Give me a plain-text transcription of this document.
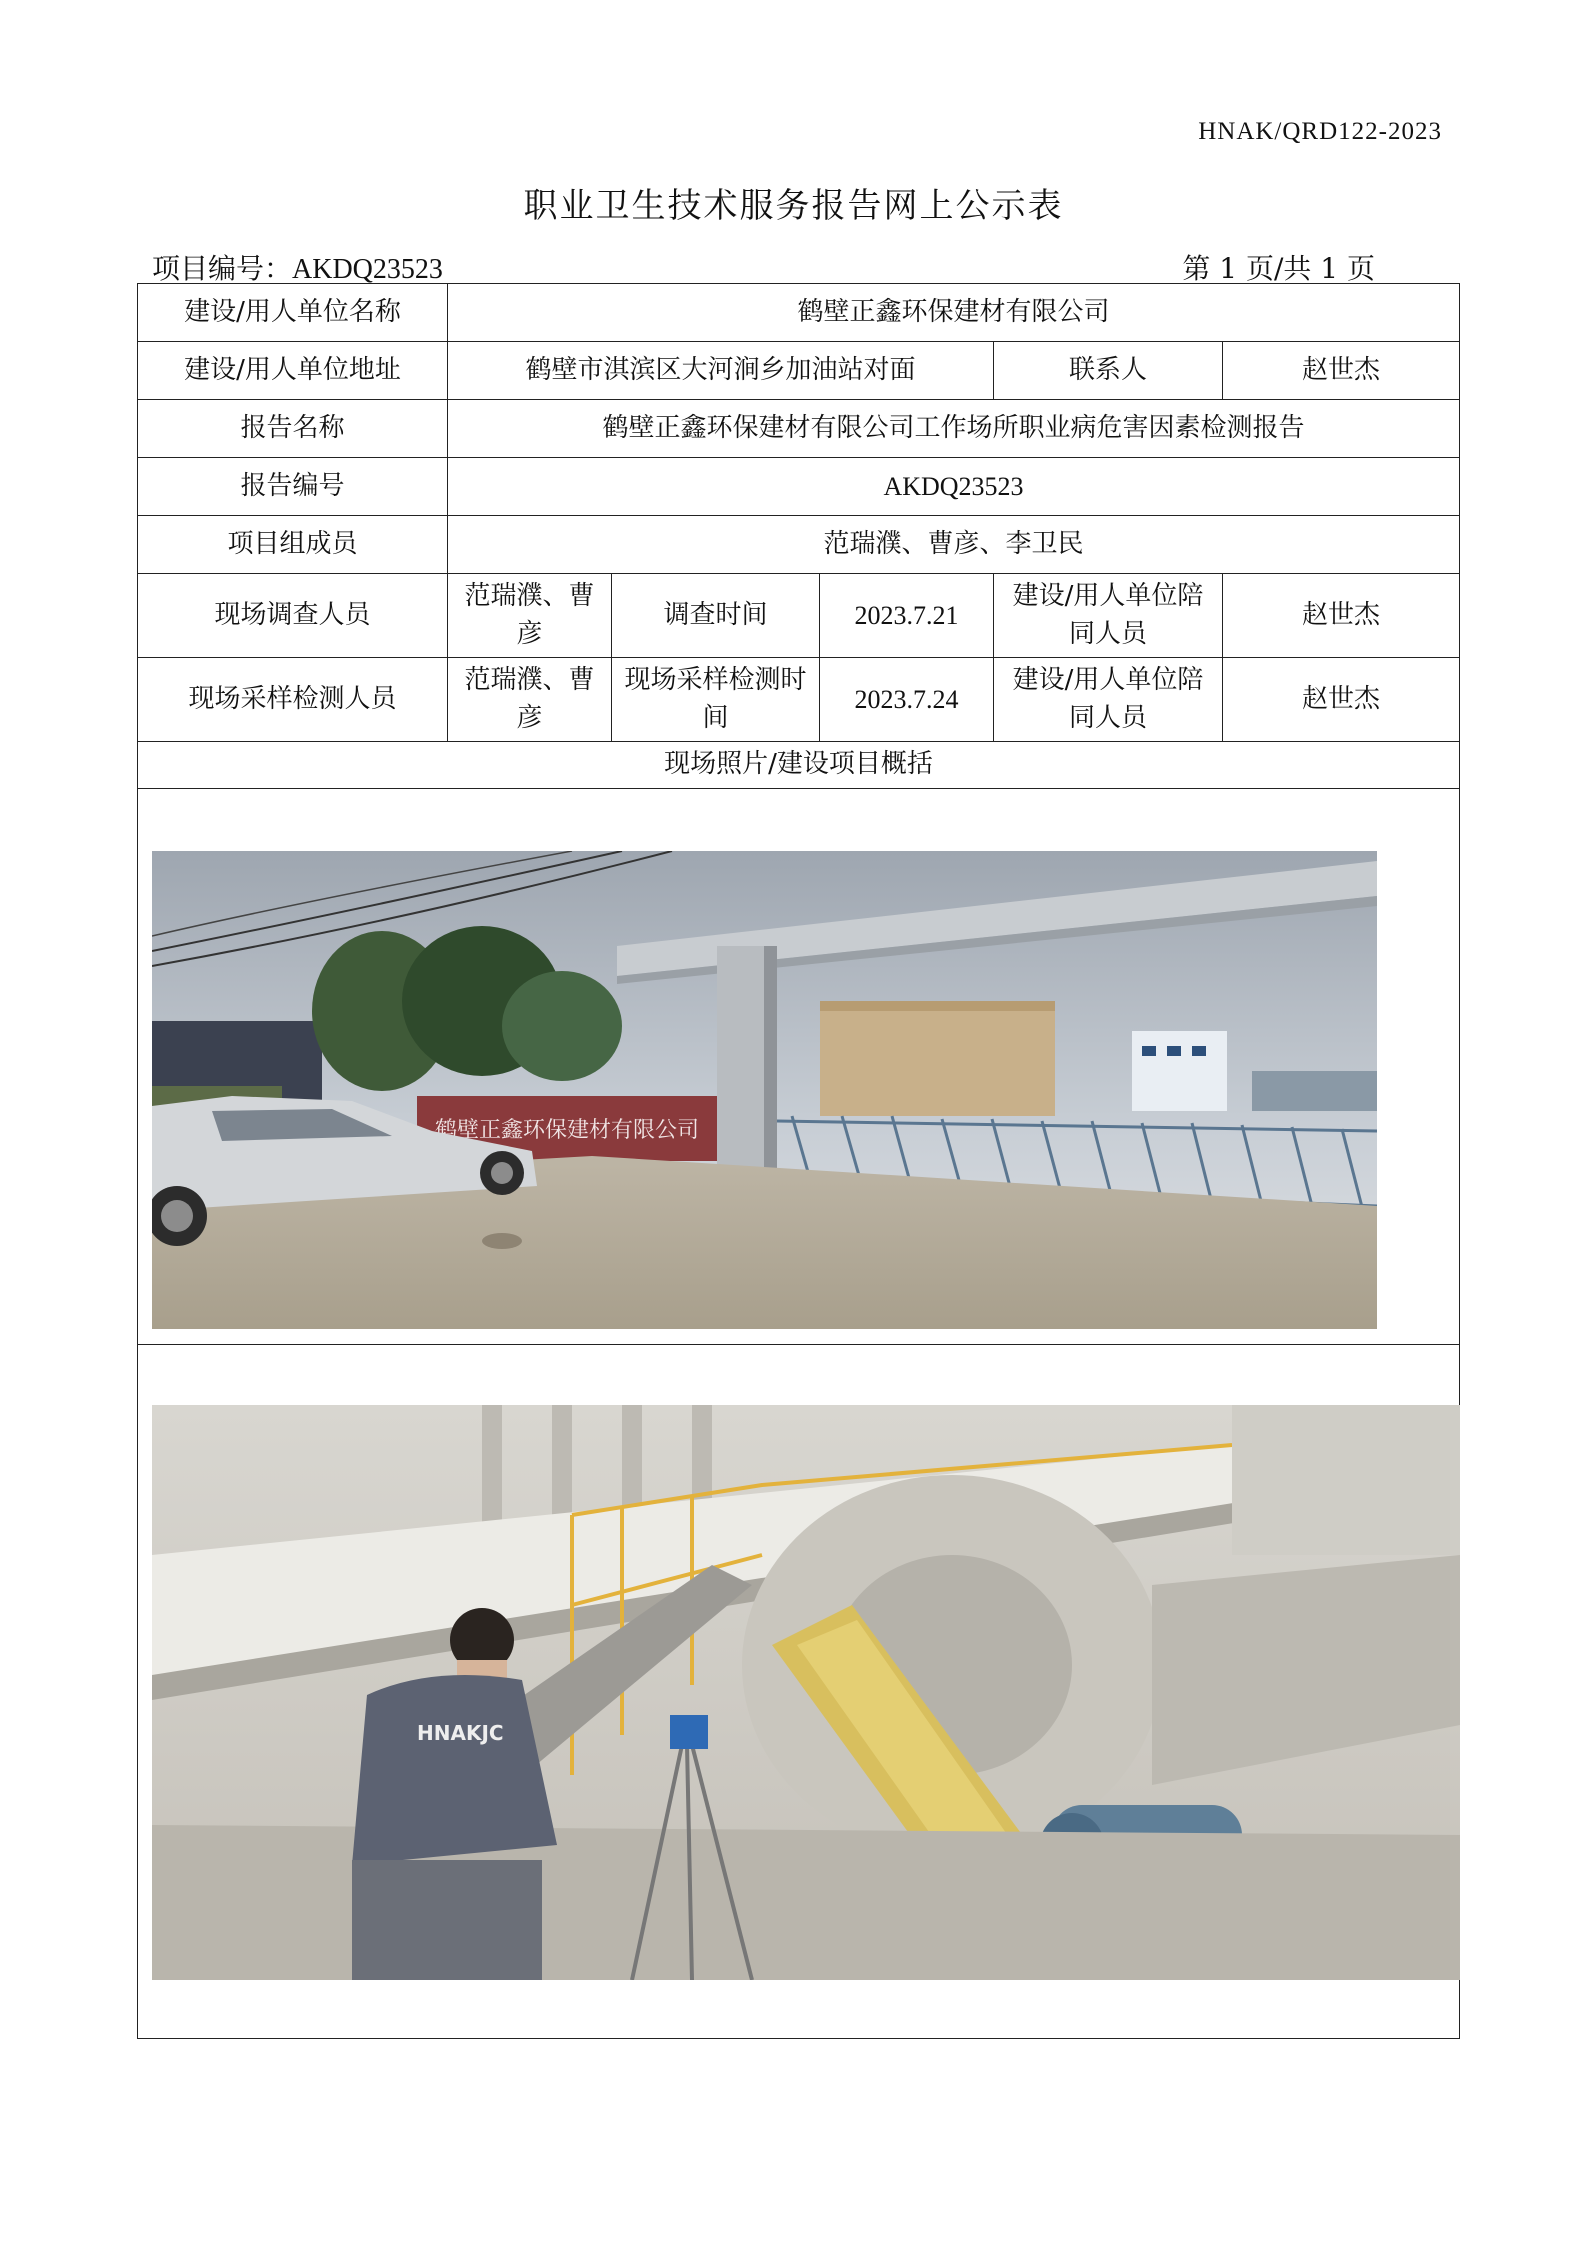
HNAK/QRD122-2023
职业卫生技术服务报告网上公示表
项目编号：AKDQ23523	第 1 页/共 1 页
建设/用人单位名称	鹤壁正鑫环保建材有限公司				
建设/用人单位地址	鹤壁市淇滨区大河涧乡加油站对面			联系人	赵世杰
报告名称	鹤壁正鑫环保建材有限公司工作场所职业病危害因素检测报告				
报告编号	AKDQ23523				
项目组成员	范瑞濮、曹彦、李卫民				
现场调查人员	范瑞濮、曹彦	调查时间	2023.7.21	建设/用人单位陪同人员	赵世杰
现场采样检测人员	范瑞濮、曹彦	现场采样检测时间	2023.7.24	建设/用人单位陪同人员	赵世杰
现场照片/建设项目概括					

鹤壁正鑫环保建材有限公司					

HNAKJC					
